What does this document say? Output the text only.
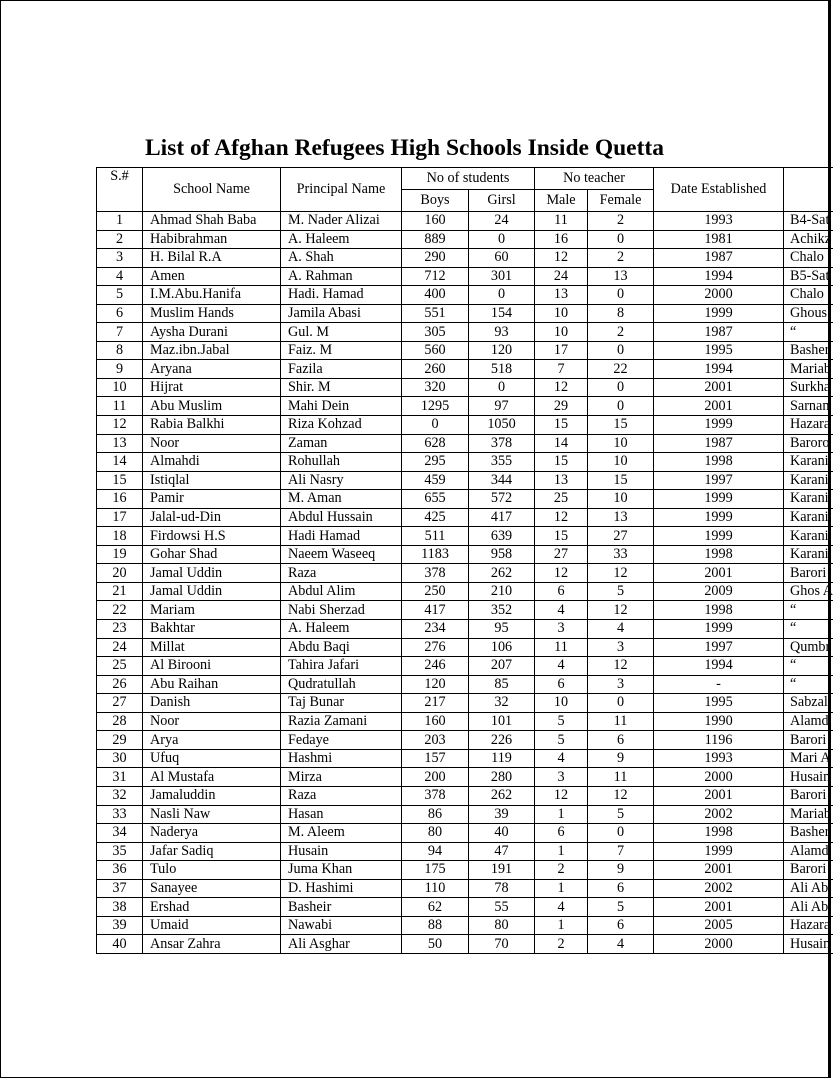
List of Afghan Refugees High Schools Inside Quetta
S.#	School Name	Principal Name	No of students		No teacher		Date Established	
			Boys	Girsl	Male	Female		
1	Ahmad Shah Baba	M. Nader Alizai	160	24	11	2	1993	B4-Sat
2	Habibrahman	A. Haleem	889	0	16	0	1981	Achikz
3	H. Bilal R.A	A. Shah	290	60	12	2	1987	Chalo
4	Amen	A. Rahman	712	301	24	13	1994	B5-Sat
5	I.M.Abu.Hanifa	Hadi. Hamad	400	0	13	0	2000	Chalo
6	Muslim Hands	Jamila Abasi	551	154	10	8	1999	Ghous
7	Aysha Durani	Gul. M	305	93	10	2	1987	“
8	Maz.ibn.Jabal	Faiz. M	560	120	17	0	1995	Basher
9	Aryana	Fazila	260	518	7	22	1994	Mariab
10	Hijrat	Shir. M	320	0	12	0	2001	Surkha
11	Abu Muslim	Mahi Dein	1295	97	29	0	2001	Sarnan
12	Rabia Balkhi	Riza Kohzad	0	1050	15	15	1999	Hazara
13	Noor	Zaman	628	378	14	10	1987	Baroro
14	Almahdi	Rohullah	295	355	15	10	1998	Karani
15	Istiqlal	Ali Nasry	459	344	13	15	1997	Karani
16	Pamir	M. Aman	655	572	25	10	1999	Karani
17	Jalal-ud-Din	Abdul Hussain	425	417	12	13	1999	Karani
18	Firdowsi H.S	Hadi Hamad	511	639	15	27	1999	Karani
19	Gohar Shad	Naeem Waseeq	1183	958	27	33	1998	Karani
20	Jamal Uddin	Raza	378	262	12	12	2001	Barori
21	Jamal Uddin	Abdul Alim	250	210	6	5	2009	Ghos A
22	Mariam	Nabi Sherzad	417	352	4	12	1998	“
23	Bakhtar	A. Haleem	234	95	3	4	1999	“
24	Millat	Abdu Baqi	276	106	11	3	1997	Qumbr
25	Al Birooni	Tahira Jafari	246	207	4	12	1994	“
26	Abu Raihan	Qudratullah	120	85	6	3	-	“
27	Danish	Taj Bunar	217	32	10	0	1995	Sabzal
28	Noor	Razia Zamani	160	101	5	11	1990	Alamd
29	Arya	Fedaye	203	226	5	6	1196	Barori
30	Ufuq	Hashmi	157	119	4	9	1993	Mari A
31	Al Mustafa	Mirza	200	280	3	11	2000	Husain
32	Jamaluddin	Raza	378	262	12	12	2001	Barori
33	Nasli Naw	Hasan	86	39	1	5	2002	Mariab
34	Naderya	M. Aleem	80	40	6	0	1998	Basher
35	Jafar Sadiq	Husain	94	47	1	7	1999	Alamd
36	Tulo	Juma Khan	175	191	2	9	2001	Barori
37	Sanayee	D. Hashimi	110	78	1	6	2002	Ali Ab
38	Ershad	Basheir	62	55	4	5	2001	Ali Ab
39	Umaid	Nawabi	88	80	1	6	2005	Hazara
40	Ansar Zahra	Ali Asghar	50	70	2	4	2000	Husain
